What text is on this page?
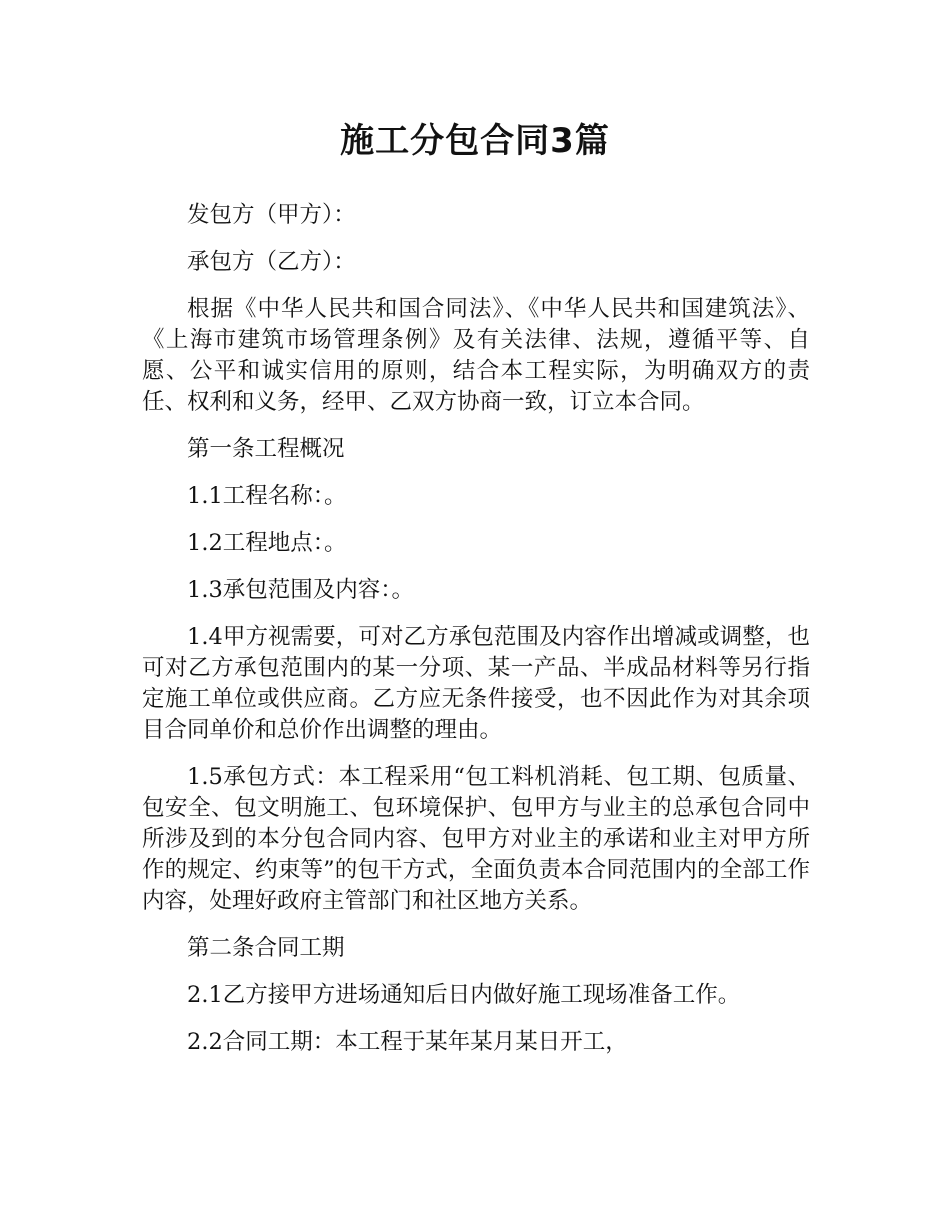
施工分包合同3篇

发包方（甲方）：

承包方（乙方）：

根据《中华人民共和国合同法》、《中华人民共和国建筑法》、《上海市建筑市场管理条例》及有关法律、法规，遵循平等、自愿、公平和诚实信用的原则，结合本工程实际，为明确双方的责任、权利和义务，经甲、乙双方协商一致，订立本合同。

第一条工程概况

1.1工程名称：。

1.2工程地点：。

1.3承包范围及内容：。

1.4甲方视需要，可对乙方承包范围及内容作出增减或调整，也可对乙方承包范围内的某一分项、某一产品、半成品材料等另行指定施工单位或供应商。乙方应无条件接受，也不因此作为对其余项目合同单价和总价作出调整的理由。

1.5承包方式：本工程采用“包工料机消耗、包工期、包质量、包安全、包文明施工、包环境保护、包甲方与业主的总承包合同中所涉及到的本分包合同内容、包甲方对业主的承诺和业主对甲方所作的规定、约束等”的包干方式，全面负责本合同范围内的全部工作内容，处理好政府主管部门和社区地方关系。

第二条合同工期

2.1乙方接甲方进场通知后日内做好施工现场准备工作。

2.2合同工期：本工程于某年某月某日开工，
